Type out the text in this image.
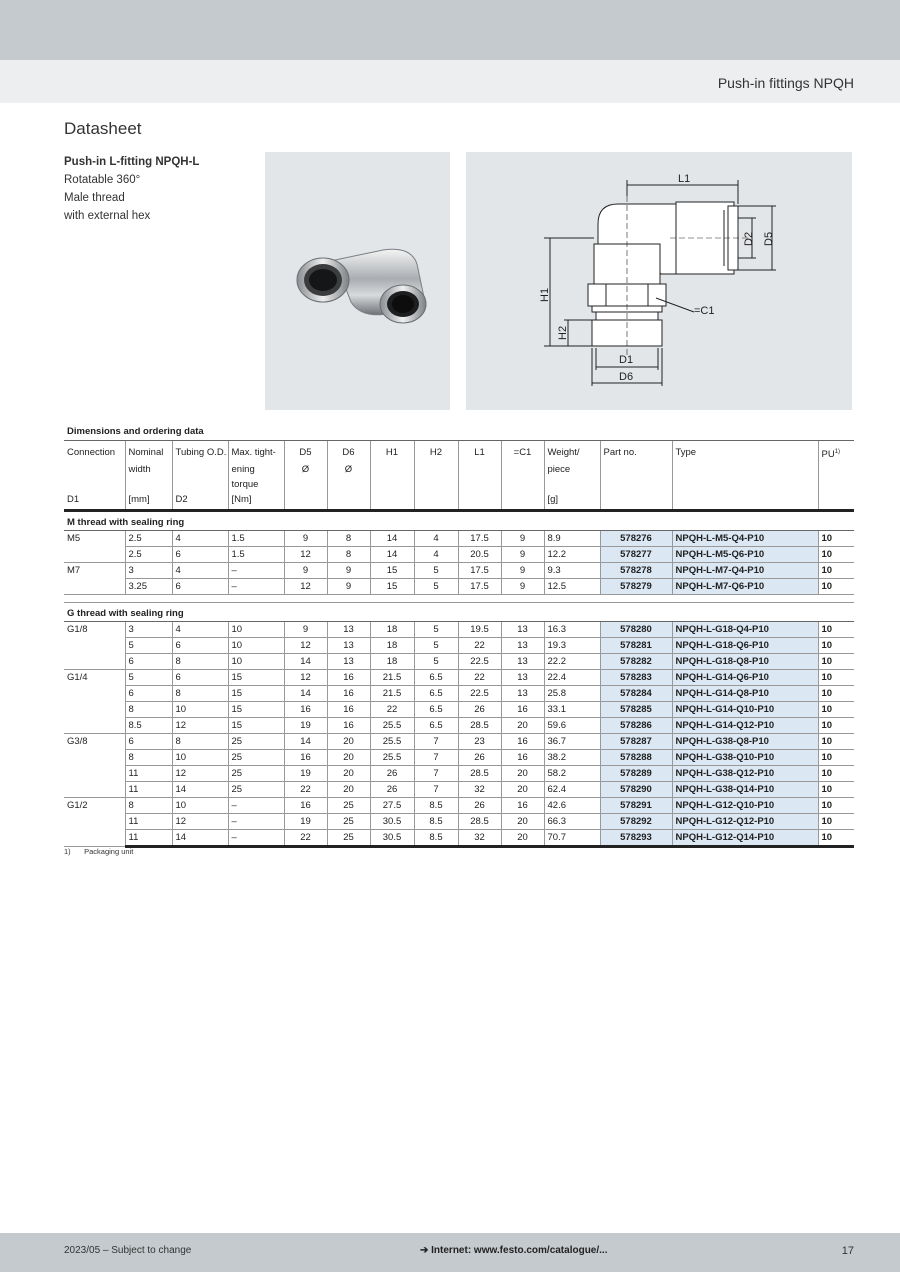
Push-in fittings NPQH
Datasheet
Push-in L-fitting NPQH-L
Rotatable 360°
Male thread
with external hex
L1
D2 D5
H1
H2
=C1
D1
D6
Dimensions and ordering data													
Connection	Nominal	Tubing O.D.	Max. tight-	D5	D6	H1	H2	L1	=C1	Weight/	Part no.	Type	PU$^{1)}$
	width		ening	Ø	Ø					piece			
			torque										
D1	[mm]	D2	[Nm]							[g]			
M thread with sealing ring													
M5	2.5	4	1.5	9	8	14	4	17.5	9	8.9	578276	NPQH-L-M5-Q4-P10	10
	2.5	6	1.5	12	8	14	4	20.5	9	12.2	578277	NPQH-L-M5-Q6-P10	10
M7	3	4	–	9	9	15	5	17.5	9	9.3	578278	NPQH-L-M7-Q4-P10	10
	3.25	6	–	12	9	15	5	17.5	9	12.5	578279	NPQH-L-M7-Q6-P10	10

G thread with sealing ring													
G1/8	3	4	10	9	13	18	5	19.5	13	16.3	578280	NPQH-L-G18-Q4-P10	10
	5	6	10	12	13	18	5	22	13	19.3	578281	NPQH-L-G18-Q6-P10	10
	6	8	10	14	13	18	5	22.5	13	22.2	578282	NPQH-L-G18-Q8-P10	10
G1/4	5	6	15	12	16	21.5	6.5	22	13	22.4	578283	NPQH-L-G14-Q6-P10	10
	6	8	15	14	16	21.5	6.5	22.5	13	25.8	578284	NPQH-L-G14-Q8-P10	10
	8	10	15	16	16	22	6.5	26	16	33.1	578285	NPQH-L-G14-Q10-P10	10
	8.5	12	15	19	16	25.5	6.5	28.5	20	59.6	578286	NPQH-L-G14-Q12-P10	10
G3/8	6	8	25	14	20	25.5	7	23	16	36.7	578287	NPQH-L-G38-Q8-P10	10
	8	10	25	16	20	25.5	7	26	16	38.2	578288	NPQH-L-G38-Q10-P10	10
	11	12	25	19	20	26	7	28.5	20	58.2	578289	NPQH-L-G38-Q12-P10	10
	11	14	25	22	20	26	7	32	20	62.4	578290	NPQH-L-G38-Q14-P10	10
G1/2	8	10	–	16	25	27.5	8.5	26	16	42.6	578291	NPQH-L-G12-Q10-P10	10
	11	12	–	19	25	30.5	8.5	28.5	20	66.3	578292	NPQH-L-G12-Q12-P10	10
	11	14	–	22	25	30.5	8.5	32	20	70.7	578293	NPQH-L-G12-Q14-P10	10
1) Packaging unit
2023/05 – Subject to change	➔ Internet: www.festo.com/catalogue/...	17
